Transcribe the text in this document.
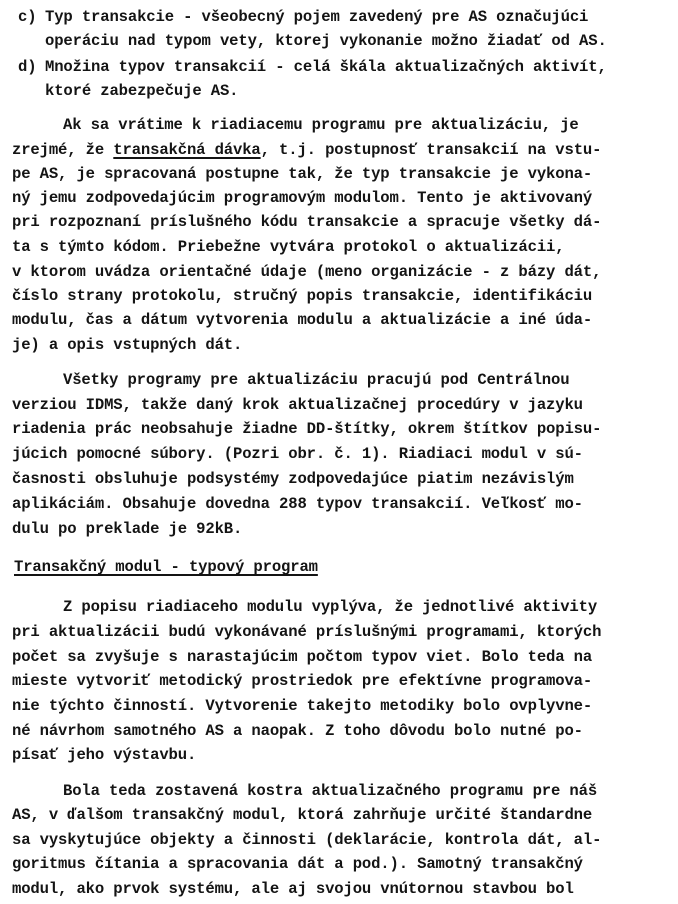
c) Typ transakcie - všeobecný pojem zavedený pre AS označujúci
operáciu nad typom vety, ktorej vykonanie možno žiadať od AS.
d) Množina typov transakcií - celá škála aktualizačných aktivít,
ktoré zabezpečuje AS.
Ak sa vrátime k riadiacemu programu pre aktualizáciu, je
zrejmé, že transakčná dávka, t.j. postupnosť transakcií na vstu-
pe AS, je spracovaná postupne tak, že typ transakcie je vykona-
ný jemu zodpovedajúcim programovým modulom. Tento je aktivovaný
pri rozpoznaní príslušného kódu transakcie a spracuje všetky dá-
ta s týmto kódom. Priebežne vytvára protokol o aktualizácii,
v ktorom uvádza orientačné údaje (meno organizácie - z bázy dát,
číslo strany protokolu, stručný popis transakcie, identifikáciu
modulu, čas a dátum vytvorenia modulu a aktualizácie a iné úda-
je) a opis vstupných dát.
Všetky programy pre aktualizáciu pracujú pod Centrálnou
verziou IDMS, takže daný krok aktualizačnej procedúry v jazyku
riadenia prác neobsahuje žiadne DD-štítky, okrem štítkov popisu-
júcich pomocné súbory. (Pozri obr. č. 1). Riadiaci modul v sú-
časnosti obsluhuje podsystémy zodpovedajúce piatim nezávislým
aplikáciám. Obsahuje dovedna 288 typov transakcií. Veľkosť mo-
dulu po preklade je 92kB.
Transakčný modul - typový program
Z popisu riadiaceho modulu vyplýva, že jednotlivé aktivity
pri aktualizácii budú vykonávané príslušnými programami, ktorých
počet sa zvyšuje s narastajúcim počtom typov viet. Bolo teda na
mieste vytvoriť metodický prostriedok pre efektívne programova-
nie týchto činností. Vytvorenie takejto metodiky bolo ovplyvne-
né návrhom samotného AS a naopak. Z toho dôvodu bolo nutné po-
písať jeho výstavbu.
Bola teda zostavená kostra aktualizačného programu pre náš
AS, v ďalšom transakčný modul, ktorá zahrňuje určité štandardne
sa vyskytujúce objekty a činnosti (deklarácie, kontrola dát, al-
goritmus čítania a spracovania dát a pod.). Samotný transakčný
modul, ako prvok systému, ale aj svojou vnútornou stavbou bol
